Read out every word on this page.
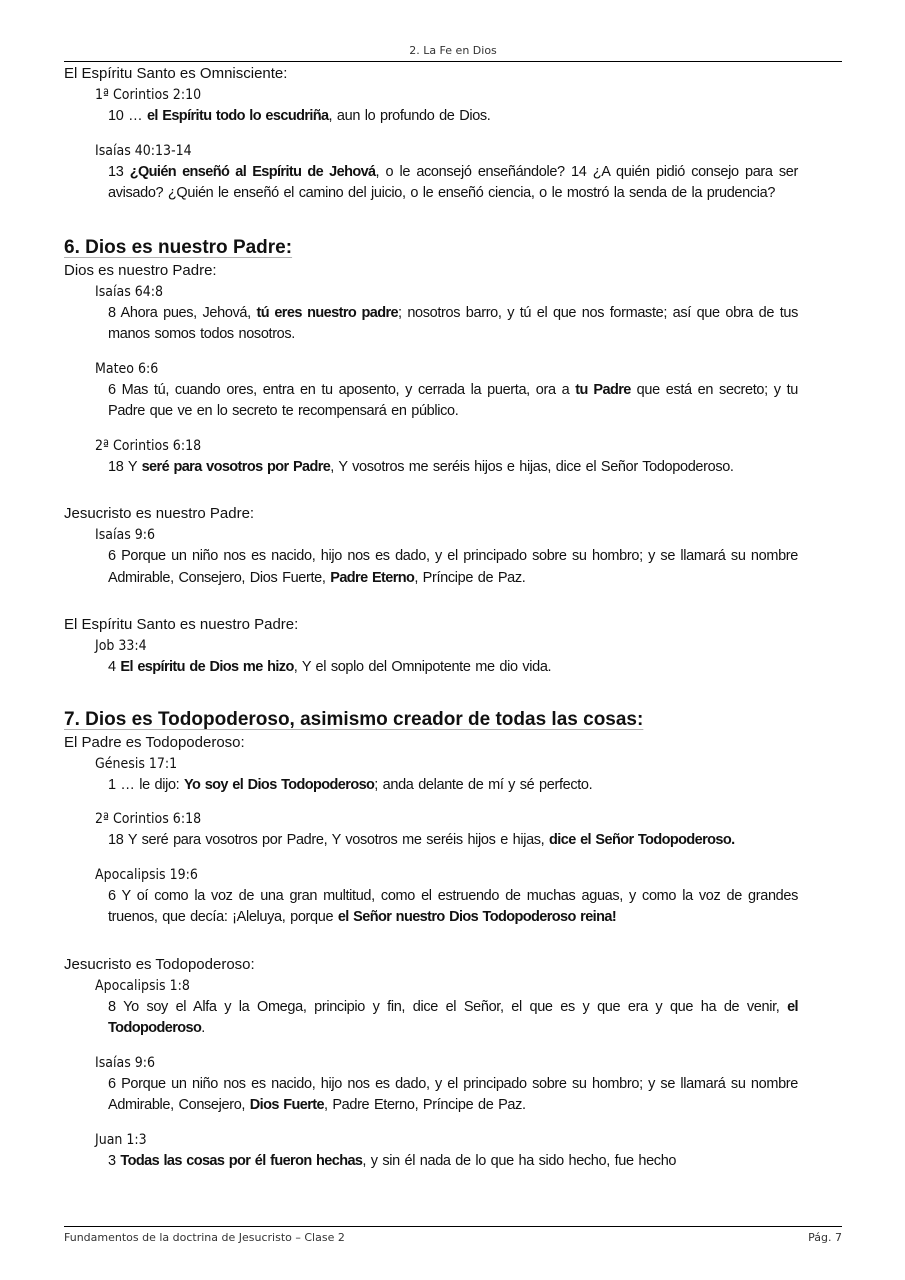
2. La Fe en Dios

El Espíritu Santo es Omnisciente:

1ª Corintios 2:10

10 … el Espíritu todo lo escudriña, aun lo profundo de Dios.

Isaías 40:13-14

13 ¿Quién enseñó al Espíritu de Jehová, o le aconsejó enseñándole? 14 ¿A quién pidió consejo para ser avisado? ¿Quién le enseñó el camino del juicio, o le enseñó ciencia, o le mostró la senda de la prudencia?

6. Dios es nuestro Padre:

Dios es nuestro Padre:

Isaías 64:8

8 Ahora pues, Jehová, tú eres nuestro padre; nosotros barro, y tú el que nos formaste; así que obra de tus manos somos todos nosotros.

Mateo 6:6

6 Mas tú, cuando ores, entra en tu aposento, y cerrada la puerta, ora a tu Padre que está en secreto; y tu Padre que ve en lo secreto te recompensará en público.

2ª Corintios 6:18

18 Y seré para vosotros por Padre, Y vosotros me seréis hijos e hijas, dice el Señor Todopoderoso.

Jesucristo es nuestro Padre:

Isaías 9:6

6 Porque un niño nos es nacido, hijo nos es dado, y el principado sobre su hombro; y se llamará su nombre Admirable, Consejero, Dios Fuerte, Padre Eterno, Príncipe de Paz.

El Espíritu Santo es nuestro Padre:

Job 33:4

4 El espíritu de Dios me hizo, Y el soplo del Omnipotente me dio vida.

7. Dios es Todopoderoso, asimismo creador de todas las cosas:

El Padre es Todopoderoso:

Génesis 17:1

1 … le dijo: Yo soy el Dios Todopoderoso; anda delante de mí y sé perfecto.

2ª Corintios 6:18

18 Y seré para vosotros por Padre, Y vosotros me seréis hijos e hijas, dice el Señor Todopoderoso.

Apocalipsis 19:6

6 Y oí como la voz de una gran multitud, como el estruendo de muchas aguas, y como la voz de grandes truenos, que decía: ¡Aleluya, porque el Señor nuestro Dios Todopoderoso reina!

Jesucristo es Todopoderoso:

Apocalipsis 1:8

8 Yo soy el Alfa y la Omega, principio y fin, dice el Señor, el que es y que era y que ha de venir, el Todopoderoso.

Isaías 9:6

6 Porque un niño nos es nacido, hijo nos es dado, y el principado sobre su hombro; y se llamará su nombre Admirable, Consejero, Dios Fuerte, Padre Eterno, Príncipe de Paz.

Juan 1:3

3 Todas las cosas por él fueron hechas, y sin él nada de lo que ha sido hecho, fue hecho

Fundamentos de la doctrina de Jesucristo – Clase 2	Pág. 7
